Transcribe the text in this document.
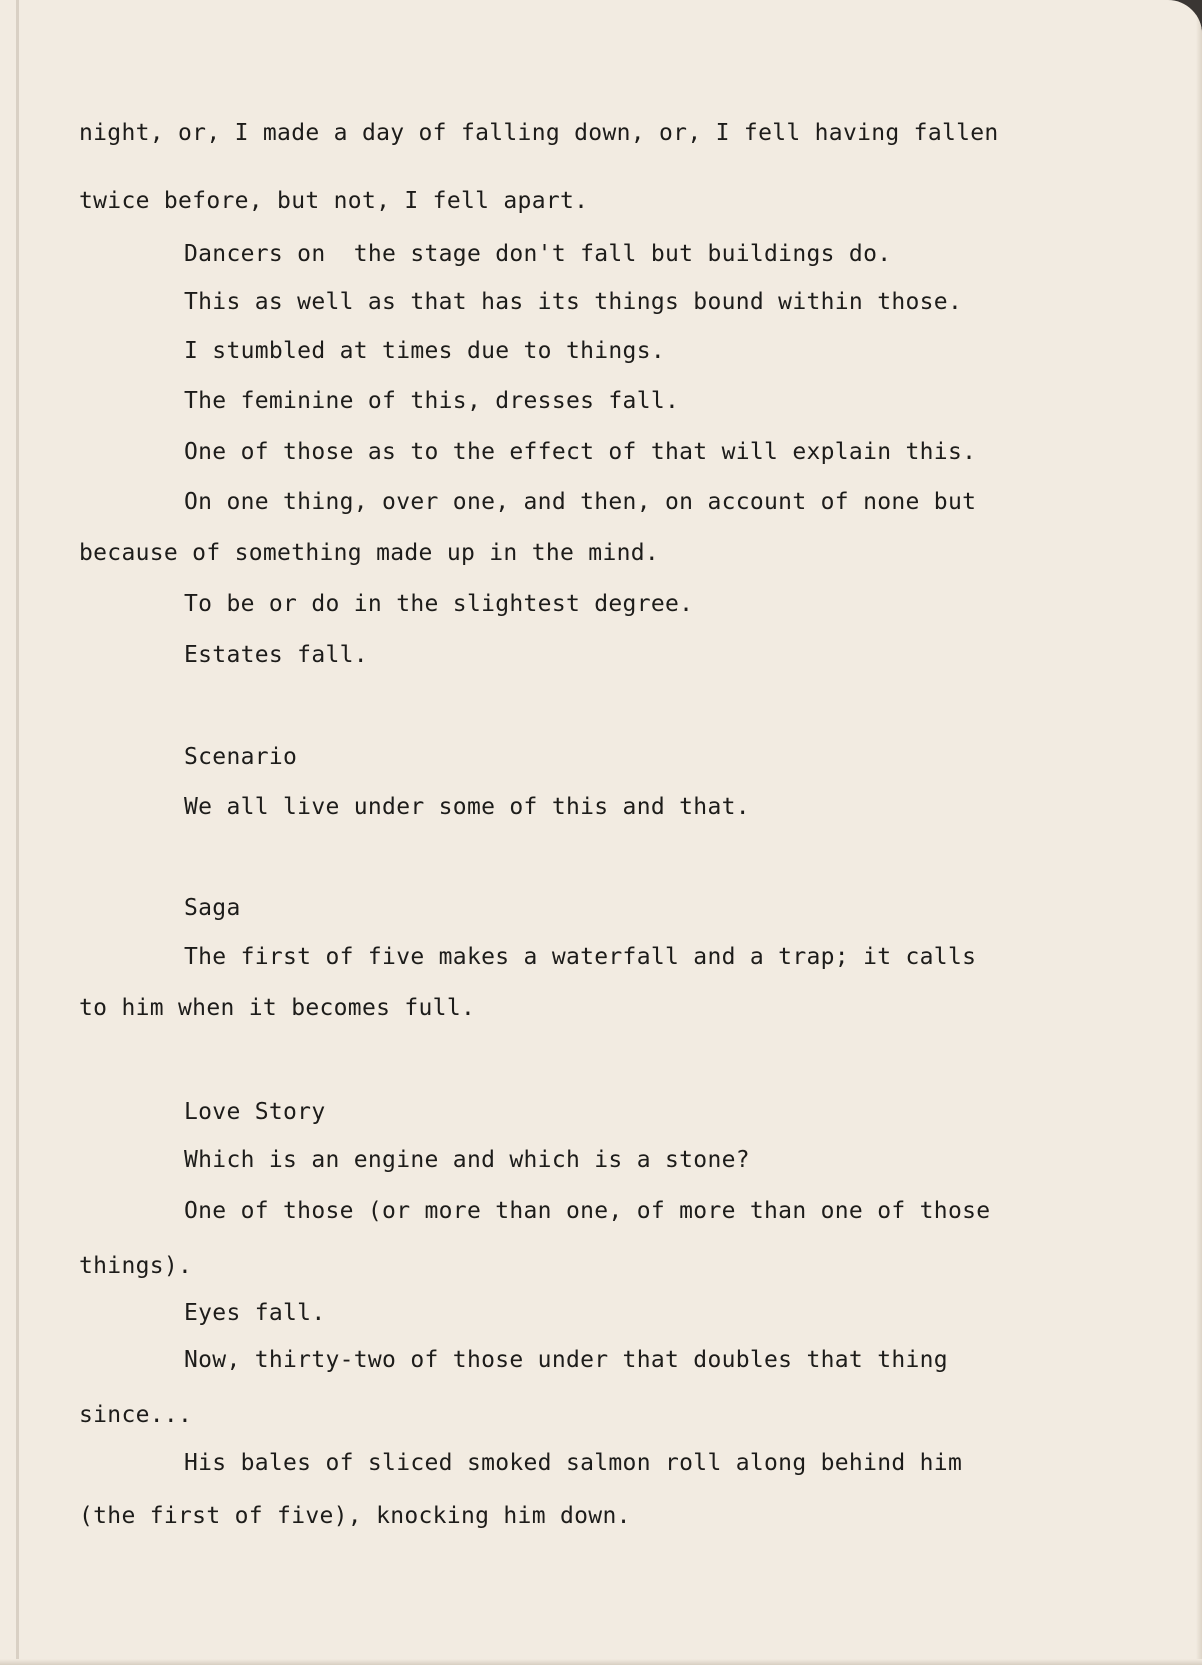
night, or, I made a day of falling down, or, I fell having fallen
twice before, but not, I fell apart.
Dancers on  the stage don't fall but buildings do.
This as well as that has its things bound within those.
I stumbled at times due to things.
The feminine of this, dresses fall.
One of those as to the effect of that will explain this.
On one thing, over one, and then, on account of none but
because of something made up in the mind.
To be or do in the slightest degree.
Estates fall.
Scenario
We all live under some of this and that.
Saga
The first of five makes a waterfall and a trap; it calls
to him when it becomes full.
Love Story
Which is an engine and which is a stone?
One of those (or more than one, of more than one of those
things).
Eyes fall.
Now, thirty-two of those under that doubles that thing
since...
His bales of sliced smoked salmon roll along behind him
(the first of five), knocking him down.
